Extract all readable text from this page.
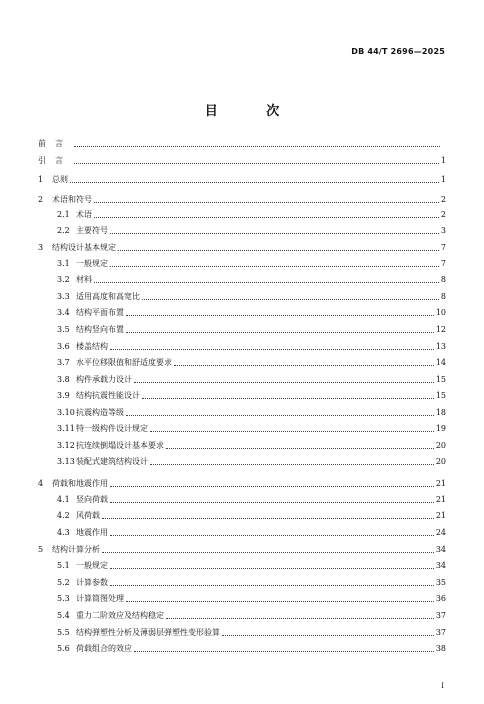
DB 44/T 2696—2025
目 次
前言
引言	1
1	总则	1
2	术语和符号	2
2.1 术语	2
2.2 主要符号	3
3	结构设计基本规定	7
3.1 一般规定	7
3.2 材料	8
3.3 适用高度和高宽比	8
3.4 结构平面布置	10
3.5 结构竖向布置	12
3.6 楼盖结构	13
3.7 水平位移限值和舒适度要求	14
3.8 构件承载力设计	15
3.9 结构抗震性能设计	15
3.10 抗震构造等级	18
3.11 特一级构件设计规定	19
3.12 抗连续倒塌设计基本要求	20
3.13 装配式建筑结构设计	20
4	荷载和地震作用	21
4.1 竖向荷载	21
4.2 风荷载	21
4.3 地震作用	24
5	结构计算分析	34
5.1 一般规定	34
5.2 计算参数	35
5.3 计算简图处理	36
5.4 重力二阶效应及结构稳定	37
5.5 结构弹塑性分析及薄弱层弹塑性变形验算	37
5.6 荷载组合的效应	38
I
